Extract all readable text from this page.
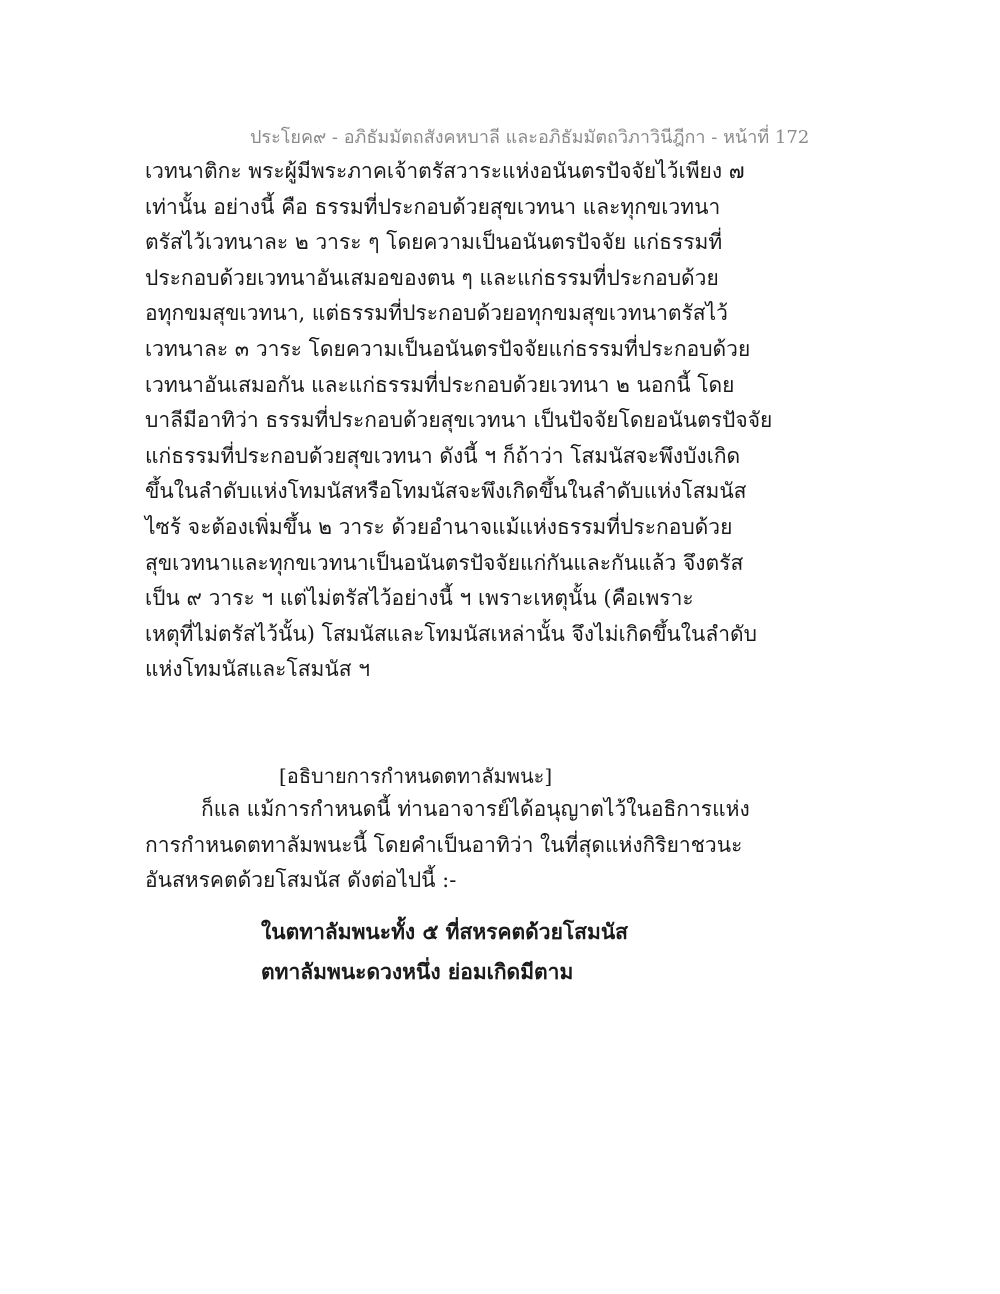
ประโยค๙ - อภิธัมมัตถสังคหบาลี และอภิธัมมัตถวิภาวินีฎีกา - หน้าที่ 172
เวทนาติกะ พระผู้มีพระภาคเจ้าตรัสวาระแห่งอนันตรปัจจัยไว้เพียง ๗
เท่านั้น อย่างนี้ คือ ธรรมที่ประกอบด้วยสุขเวทนา และทุกขเวทนา
ตรัสไว้เวทนาละ ๒ วาระ ๆ โดยความเป็นอนันตรปัจจัย แก่ธรรมที่
ประกอบด้วยเวทนาอันเสมอของตน ๆ และแก่ธรรมที่ประกอบด้วย
อทุกขมสุขเวทนา, แต่ธรรมที่ประกอบด้วยอทุกขมสุขเวทนาตรัสไว้
เวทนาละ ๓ วาระ โดยความเป็นอนันตรปัจจัยแก่ธรรมที่ประกอบด้วย
เวทนาอันเสมอกัน และแก่ธรรมที่ประกอบด้วยเวทนา ๒ นอกนี้ โดย
บาลีมีอาทิว่า ธรรมที่ประกอบด้วยสุขเวทนา เป็นปัจจัยโดยอนันตรปัจจัย
แก่ธรรมที่ประกอบด้วยสุขเวทนา ดังนี้ ฯ ก็ถ้าว่า โสมนัสจะพึงบังเกิด
ขึ้นในลำดับแห่งโทมนัสหรือโทมนัสจะพึงเกิดขึ้นในลำดับแห่งโสมนัส
ไซร้ จะต้องเพิ่มขึ้น ๒ วาระ ด้วยอำนาจแม้แห่งธรรมที่ประกอบด้วย
สุขเวทนาและทุกขเวทนาเป็นอนันตรปัจจัยแก่กันและกันแล้ว จึงตรัส
เป็น ๙ วาระ ฯ แต่ไม่ตรัสไว้อย่างนี้ ฯ เพราะเหตุนั้น (คือเพราะ
เหตุที่ไม่ตรัสไว้นั้น) โสมนัสและโทมนัสเหล่านั้น จึงไม่เกิดขึ้นในลำดับ
แห่งโทมนัสและโสมนัส ฯ
[อธิบายการกำหนดตทาลัมพนะ]
ก็แล แม้การกำหนดนี้ ท่านอาจารย์ได้อนุญาตไว้ในอธิการแห่ง
การกำหนดตทาลัมพนะนี้ โดยคำเป็นอาทิว่า ในที่สุดแห่งกิริยาชวนะ
อันสหรคตด้วยโสมนัส ดังต่อไปนี้ :-
ในตทาลัมพนะทั้ง ๕ ที่สหรคตด้วยโสมนัส
ตทาลัมพนะดวงหนึ่ง ย่อมเกิดมีตาม
